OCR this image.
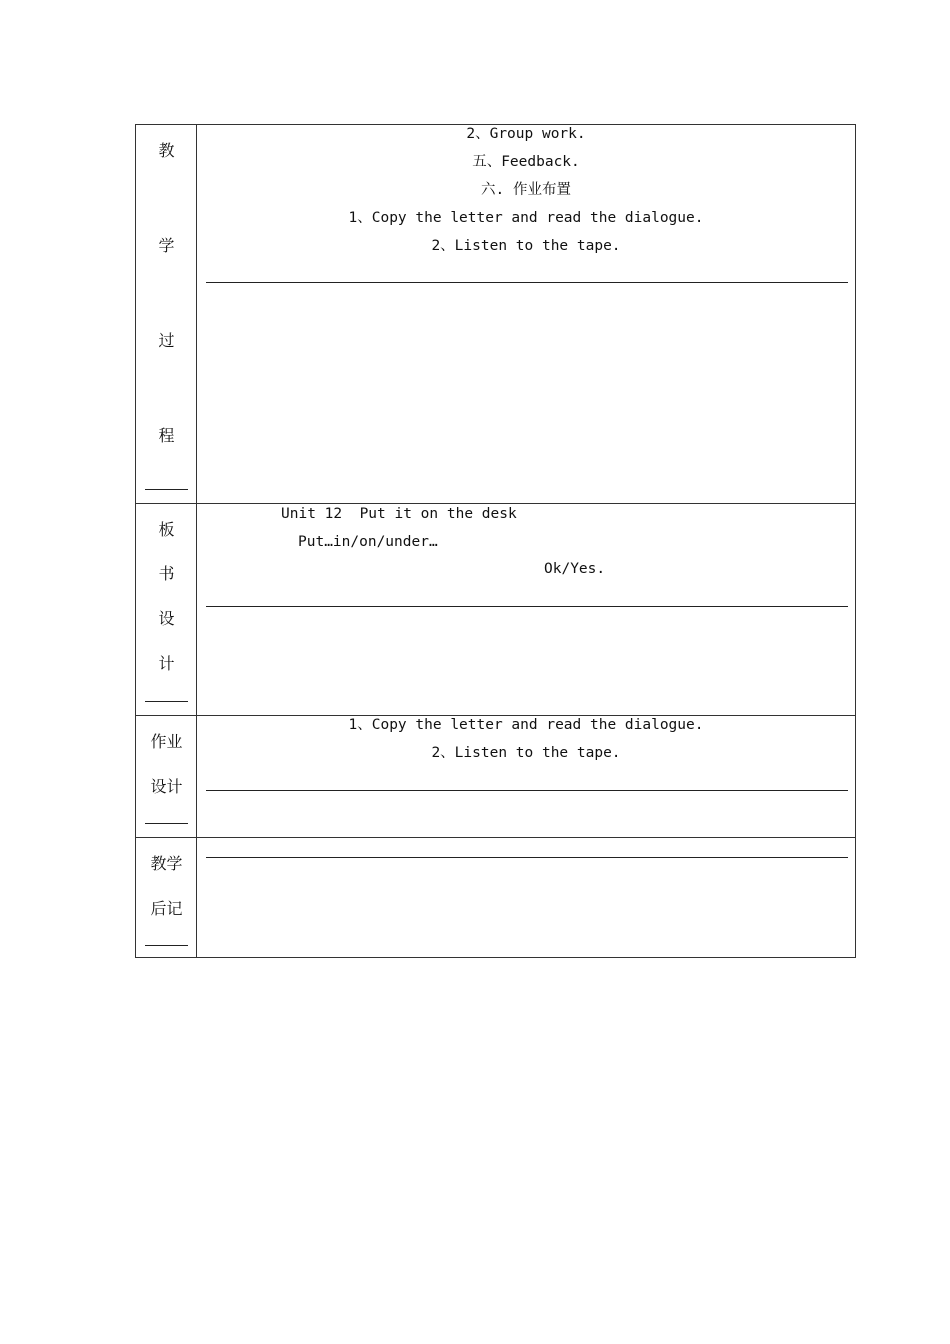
教
学
过
程
2、Group work.
五、Feedback.
六. 作业布置
1、Copy the letter and read the dialogue.
2、Listen to the tape.
板
书
设
计
Unit 12  Put it on the desk
Put…in/on/under…
Ok/Yes.
作业
设计
1、Copy the letter and read the dialogue.
2、Listen to the tape.
教学
后记
